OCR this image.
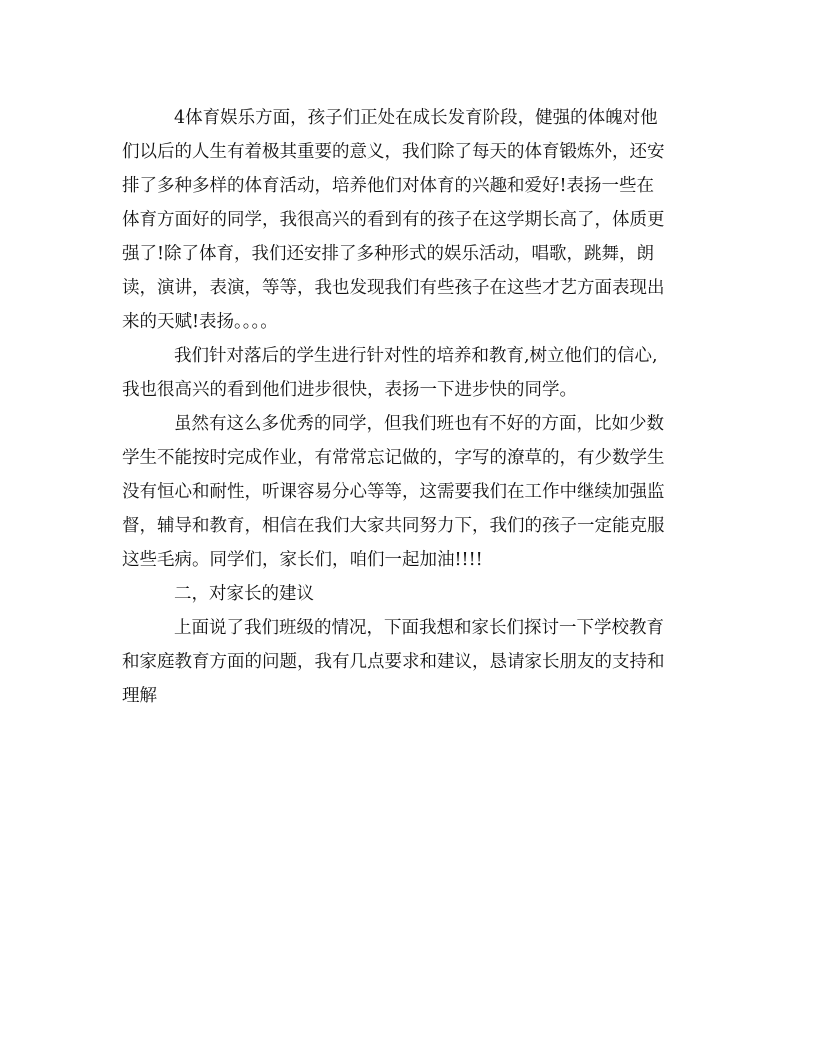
4体育娱乐方面，孩子们正处在成长发育阶段，健强的体魄对他
们以后的人生有着极其重要的意义，我们除了每天的体育锻炼外，还安
排了多种多样的体育活动，培养他们对体育的兴趣和爱好!表扬一些在
体育方面好的同学，我很高兴的看到有的孩子在这学期长高了，体质更
强了!除了体育，我们还安排了多种形式的娱乐活动，唱歌，跳舞，朗
读，演讲，表演，等等，我也发现我们有些孩子在这些才艺方面表现出
来的天赋!表扬。。。。

我们针对落后的学生进行针对性的培养和教育,树立他们的信心,
我也很高兴的看到他们进步很快，表扬一下进步快的同学。

虽然有这么多优秀的同学，但我们班也有不好的方面，比如少数
学生不能按时完成作业，有常常忘记做的，字写的潦草的，有少数学生
没有恒心和耐性，听课容易分心等等，这需要我们在工作中继续加强监
督，辅导和教育，相信在我们大家共同努力下，我们的孩子一定能克服
这些毛病。同学们，家长们，咱们一起加油!!!!

二，对家长的建议

上面说了我们班级的情况，下面我想和家长们探讨一下学校教育
和家庭教育方面的问题，我有几点要求和建议，恳请家长朋友的支持和
理解
